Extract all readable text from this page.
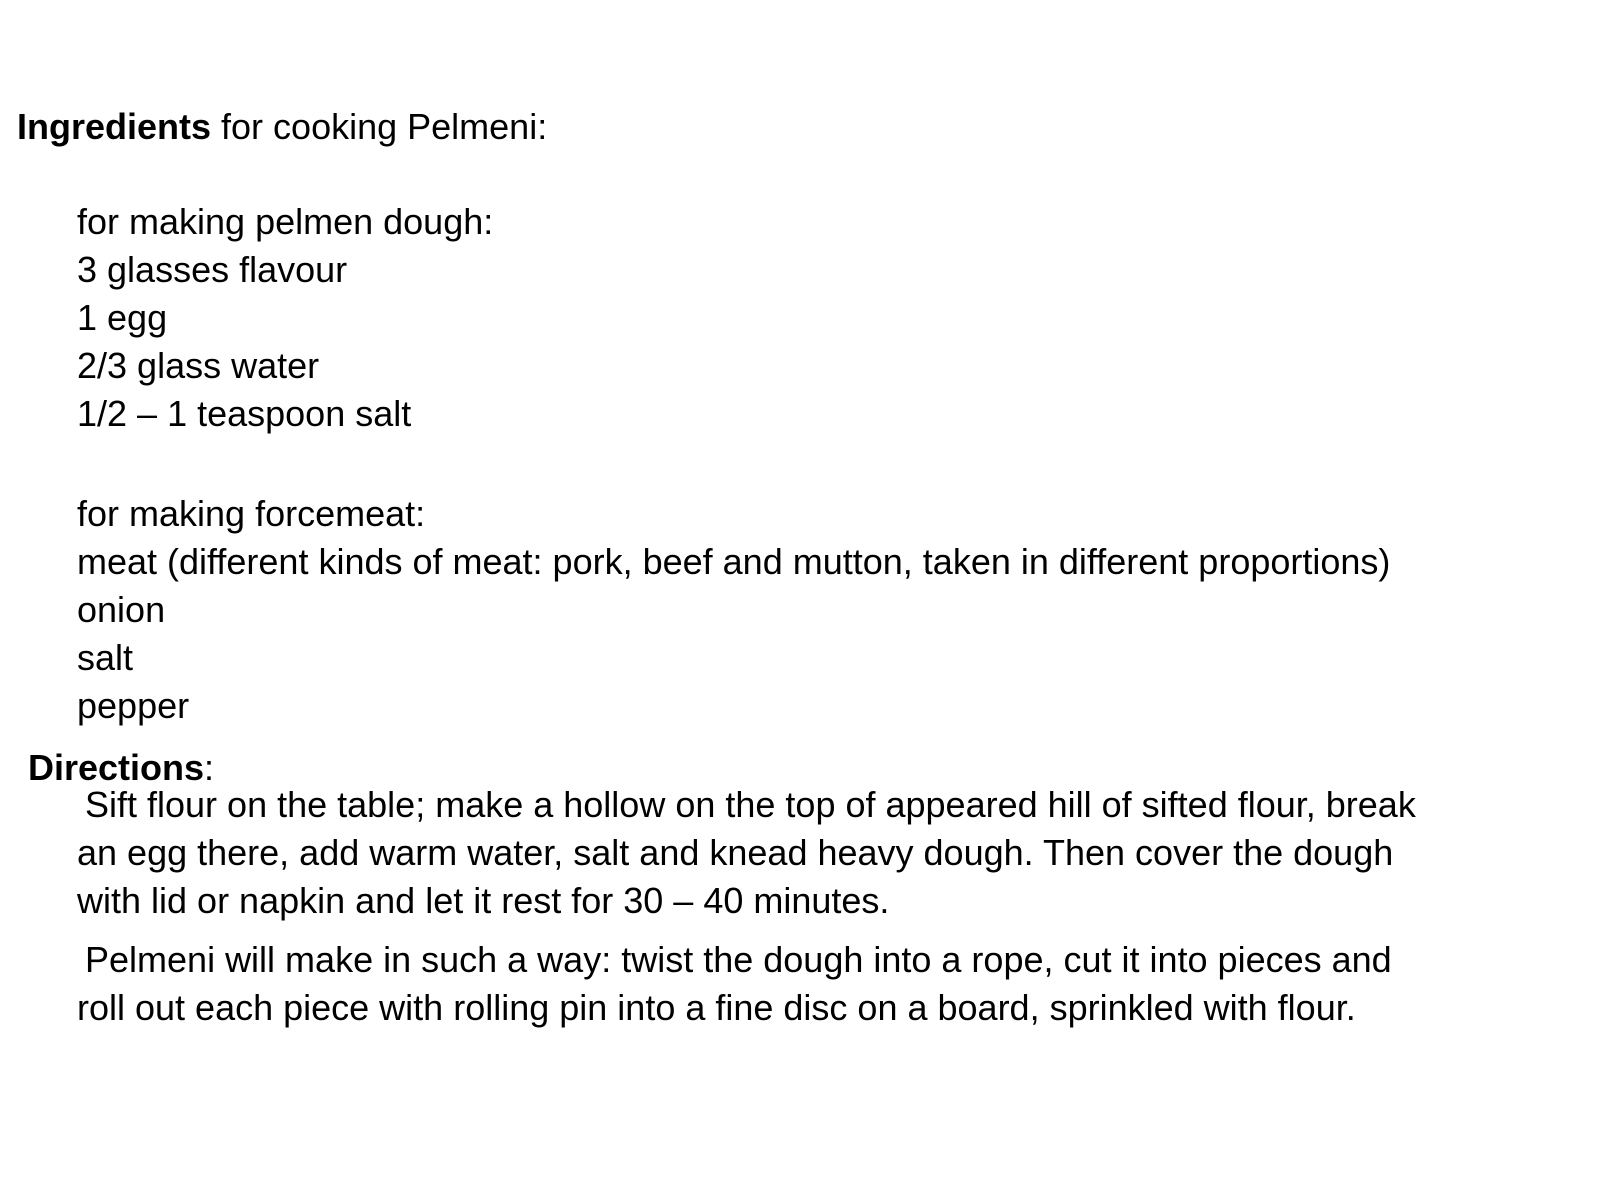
Ingredients for cooking Pelmeni:
for making pelmen dough:
3 glasses flavour
1 egg
2/3 glass water
1/2 – 1 teaspoon salt
for making forcemeat:
meat (different kinds of meat: pork, beef and mutton, taken in different proportions)
onion
salt
pepper
Directions:
Sift flour on the table; make a hollow on the top of appeared hill of sifted flour, break
an egg there, add warm water, salt and knead heavy dough. Then cover the dough
with lid or napkin and let it rest for 30 – 40 minutes.
Pelmeni will make in such a way: twist the dough into a rope, cut it into pieces and
roll out each piece with rolling pin into a fine disc on a board, sprinkled with flour.
